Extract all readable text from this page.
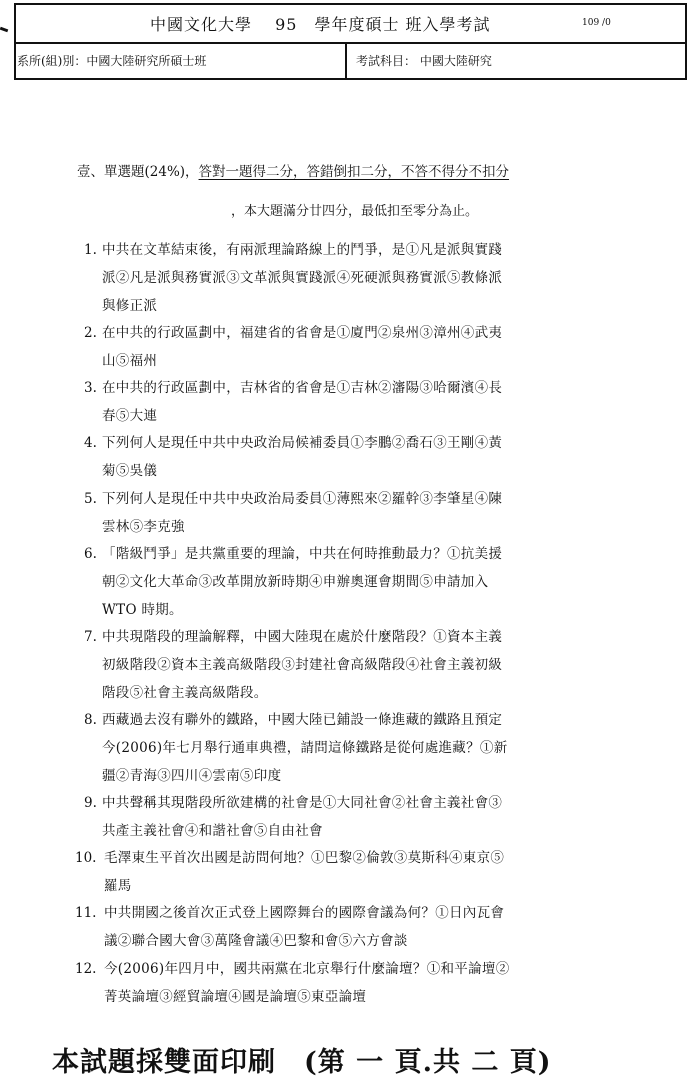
中國文化大學　 95　學年度碩士 班入學考試	109 /0
系所(組)別：中國大陸研究所碩士班	考試科目： 中國大陸研究
壹、單選題(24%)，答對一題得二分，答錯倒扣二分，不答不得分不扣分
，本大題滿分廿四分，最低扣至零分為止。
1. 中共在文革結束後，有兩派理論路線上的鬥爭，是①凡是派與實踐
派②凡是派與務實派③文革派與實踐派④死硬派與務實派⑤教條派
與修正派
2. 在中共的行政區劃中，福建省的省會是①廈門②泉州③漳州④武夷
山⑤福州
3. 在中共的行政區劃中，吉林省的省會是①吉林②瀋陽③哈爾濱④長
春⑤大連
4. 下列何人是現任中共中央政治局候補委員①李鵬②喬石③王剛④黃
菊⑤吳儀
5. 下列何人是現任中共中央政治局委員①薄熙來②羅幹③李肇星④陳
雲林⑤李克強
6. 「階級鬥爭」是共黨重要的理論，中共在何時推動最力？①抗美援
朝②文化大革命③改革開放新時期④申辦奧運會期間⑤申請加入
WTO 時期。
7. 中共現階段的理論解釋，中國大陸現在處於什麼階段？①資本主義
初級階段②資本主義高級階段③封建社會高級階段④社會主義初級
階段⑤社會主義高級階段。
8. 西藏過去沒有聯外的鐵路，中國大陸已鋪設一條進藏的鐵路且預定
今(2006)年七月舉行通車典禮，請問這條鐵路是從何處進藏？①新
疆②青海③四川④雲南⑤印度
9. 中共聲稱其現階段所欲建構的社會是①大同社會②社會主義社會③
共產主義社會④和諧社會⑤自由社會
10. 毛澤東生平首次出國是訪問何地？①巴黎②倫敦③莫斯科④東京⑤
羅馬
11. 中共開國之後首次正式登上國際舞台的國際會議為何？①日內瓦會
議②聯合國大會③萬隆會議④巴黎和會⑤六方會談
12. 今(2006)年四月中，國共兩黨在北京舉行什麼論壇？①和平論壇②
菁英論壇③經貿論壇④國是論壇⑤東亞論壇
本試題採雙面印刷　(第 一 頁.共 二 頁)
